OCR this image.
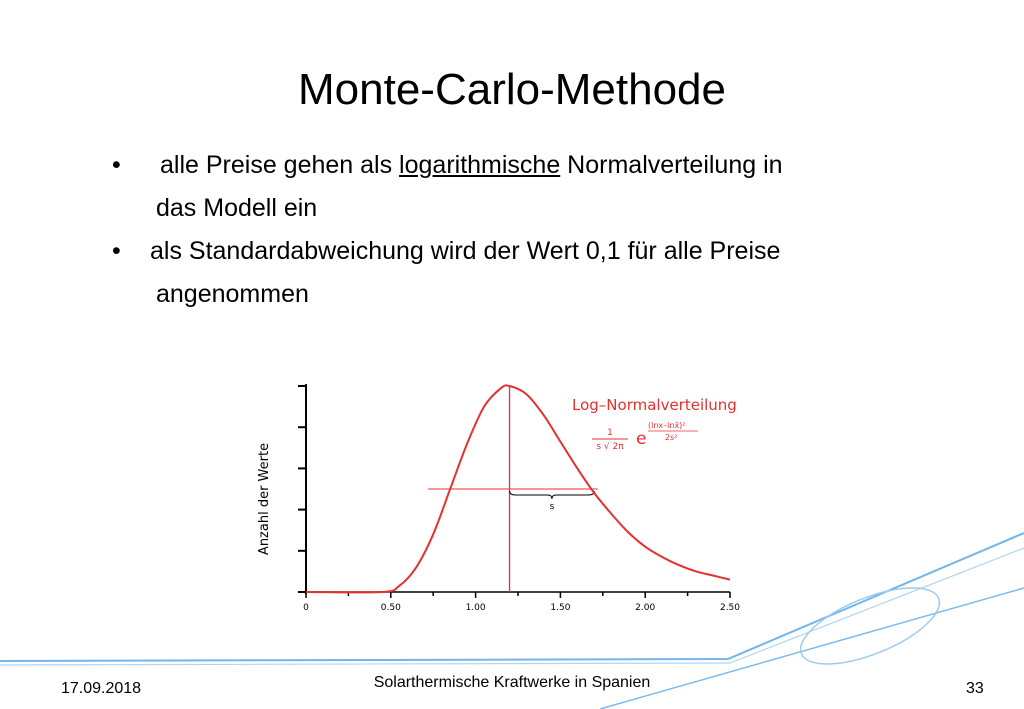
Monte-Carlo-Methode
•	alle Preise gehen als logarithmische Normalverteilung in
das Modell ein
•	als Standardabweichung wird der Wert 0,1 für alle Preise
angenommen
0	0.50	1.00	1.50	2.00	2.50
Anzahl der Werte	s
Log–Normalverteilung
1
s √ 2π e
(lnx–lnx̄)²
2s²
17.09.2018	Solarthermische Kraftwerke in Spanien	33
